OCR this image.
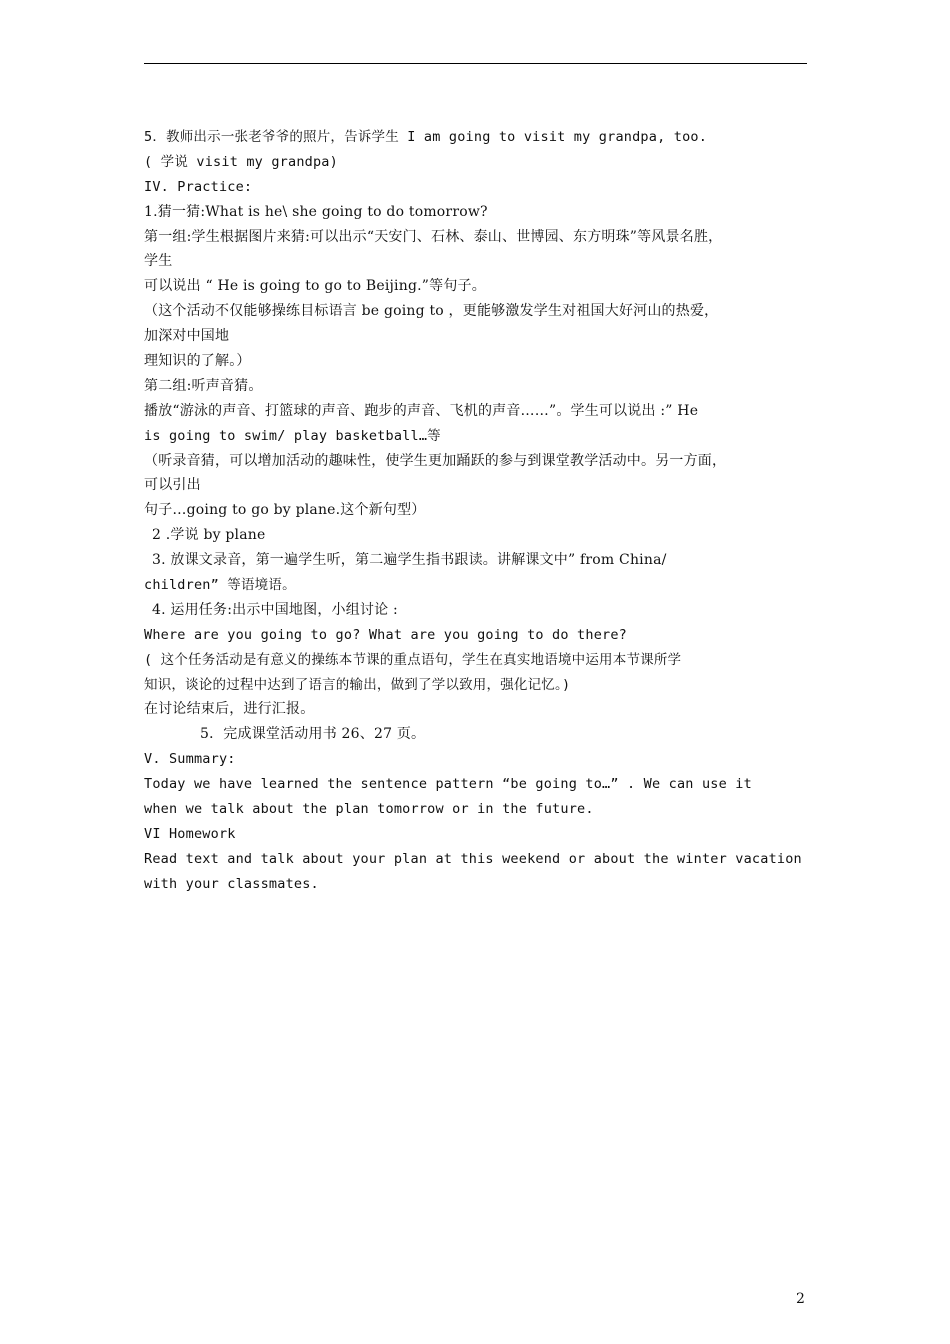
5．教师出示一张老爷爷的照片，告诉学生 I am going to visit my grandpa, too.
( 学说 visit my grandpa)
IV. Practice:
1.猜一猜:What is he\ she going to do tomorrow?
第一组:学生根据图片来猜:可以出示“天安门、石林、泰山、世博园、东方明珠”等风景名胜，
学生
可以说出 “ He is going to go to Beijing.”等句子。
（这个活动不仅能够操练目标语言 be going to ，更能够激发学生对祖国大好河山的热爱，
加深对中国地
理知识的了解。）
第二组:听声音猜。
播放“游泳的声音、打篮球的声音、跑步的声音、飞机的声音……”。学生可以说出 :” He
is going to swim/ play basketball…等
（听录音猜，可以增加活动的趣味性，使学生更加踊跃的参与到课堂教学活动中。另一方面，
可以引出
句子…going to go by plane.这个新句型）
2 .学说 by plane
3. 放课文录音，第一遍学生听，第二遍学生指书跟读。讲解课文中” from China/
children” 等语境语。
4. 运用任务:出示中国地图，小组讨论 :
Where are you going to go? What are you going to do there?
( 这个任务活动是有意义的操练本节课的重点语句，学生在真实地语境中运用本节课所学
知识，谈论的过程中达到了语言的输出，做到了学以致用，强化记忆。)
在讨论结束后，进行汇报。
5．完成课堂活动用书 26、27 页。
V. Summary:
Today we have learned the sentence pattern “be going to…” . We can use it
when we talk about the plan tomorrow or in the future.
VI Homework
Read text and talk about your plan at this weekend or about the winter vacation
with your classmates.
2
